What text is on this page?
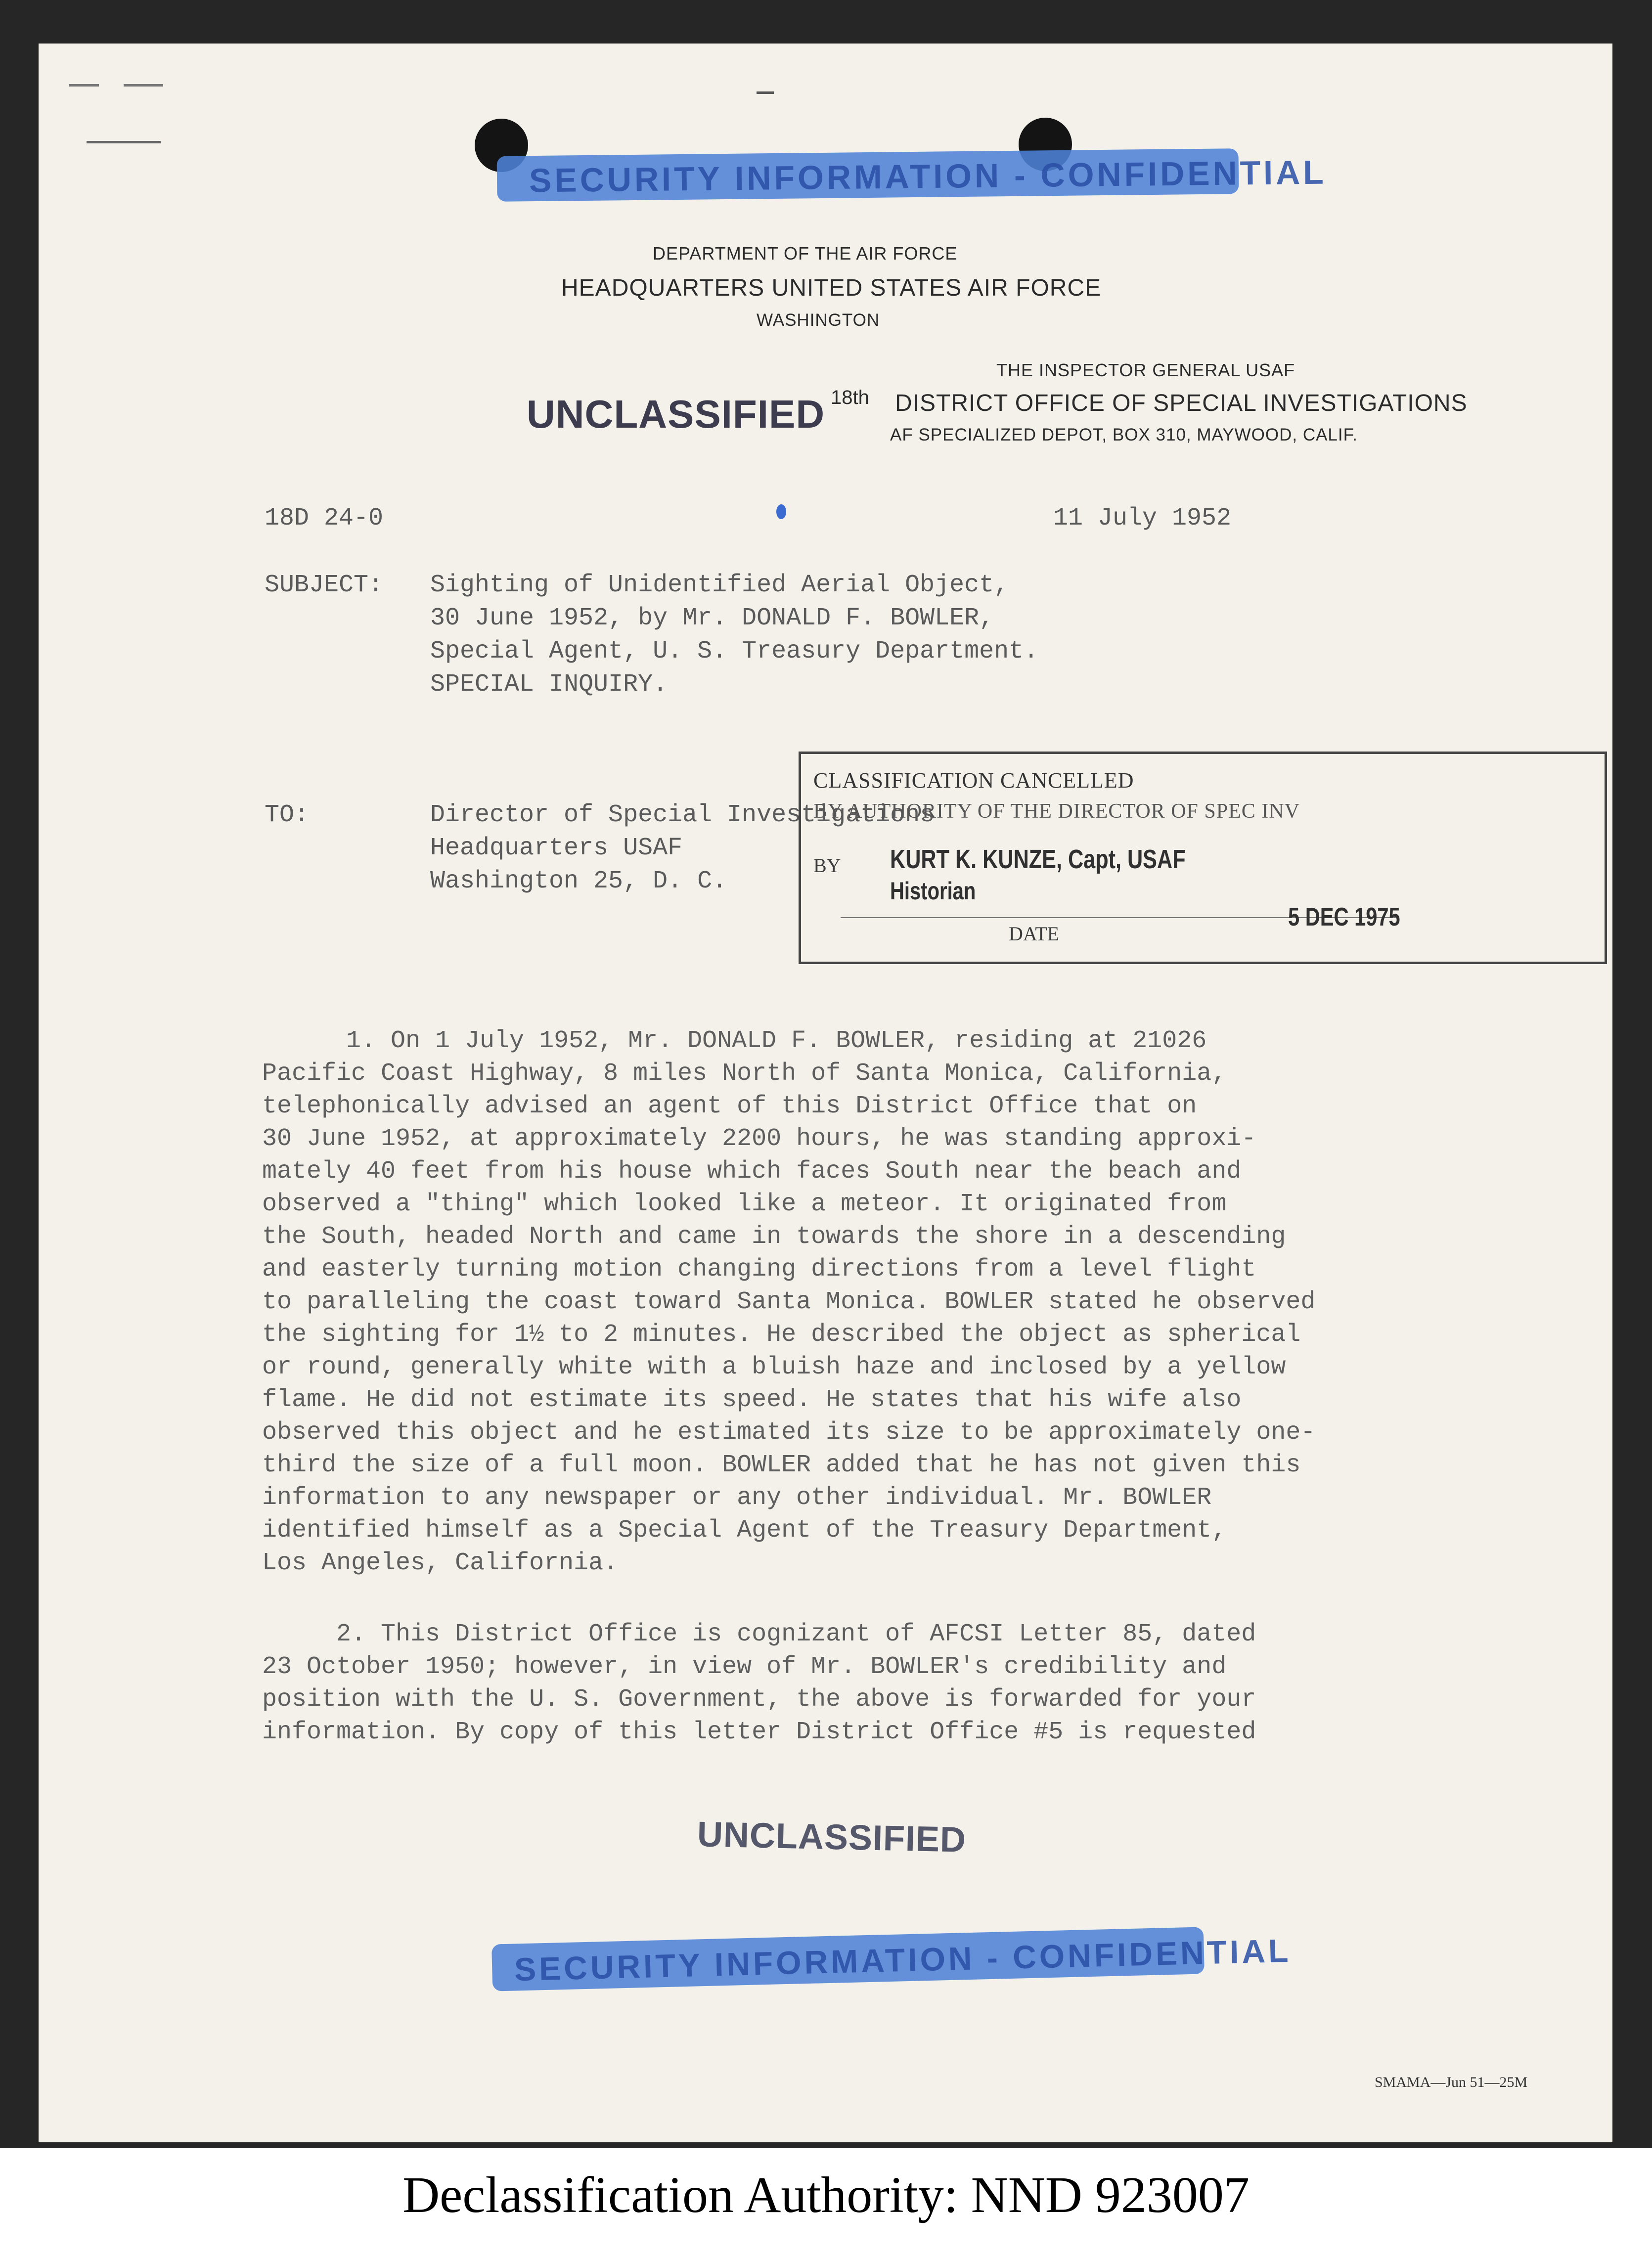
SECURITY INFORMATION - CONFIDENTIAL
DEPARTMENT OF THE AIR FORCE
HEADQUARTERS UNITED STATES AIR FORCE
WASHINGTON
THE INSPECTOR GENERAL USAF
18th DISTRICT OFFICE OF SPECIAL INVESTIGATIONS
AF SPECIALIZED DEPOT, BOX 310, MAYWOOD, CALIF.
UNCLASSIFIED
18D 24-0	11 July 1952
SUBJECT: Sighting of Unidentified Aerial Object,
30 June 1952, by Mr. DONALD F. BOWLER,
Special Agent, U. S. Treasury Department.
SPECIAL INQUIRY.
TO:	Director of Special Investigations
Headquarters USAF
Washington 25, D. C.
CLASSIFICATION CANCELLED
BY AUTHORITY OF THE DIRECTOR OF SPEC INV
BY KURT K. KUNZE, Capt, USAF
Historian
DATE
5 DEC 1975
1. On 1 July 1952, Mr. DONALD F. BOWLER, residing at 21026
Pacific Coast Highway, 8 miles North of Santa Monica, California,
telephonically advised an agent of this District Office that on
30 June 1952, at approximately 2200 hours, he was standing approxi-
mately 40 feet from his house which faces South near the beach and
observed a "thing" which looked like a meteor. It originated from
the South, headed North and came in towards the shore in a descending
and easterly turning motion changing directions from a level flight
to paralleling the coast toward Santa Monica. BOWLER stated he observed
the sighting for 1½ to 2 minutes. He described the object as spherical
or round, generally white with a bluish haze and inclosed by a yellow
flame. He did not estimate its speed. He states that his wife also
observed this object and he estimated its size to be approximately one-
third the size of a full moon. BOWLER added that he has not given this
information to any newspaper or any other individual. Mr. BOWLER
identified himself as a Special Agent of the Treasury Department,
Los Angeles, California.
2. This District Office is cognizant of AFCSI Letter 85, dated
23 October 1950; however, in view of Mr. BOWLER's credibility and
position with the U. S. Government, the above is forwarded for your
information. By copy of this letter District Office #5 is requested
UNCLASSIFIED
SECURITY INFORMATION - CONFIDENTIAL
SMAMA—Jun 51—25M
Declassification Authority: NND 923007
